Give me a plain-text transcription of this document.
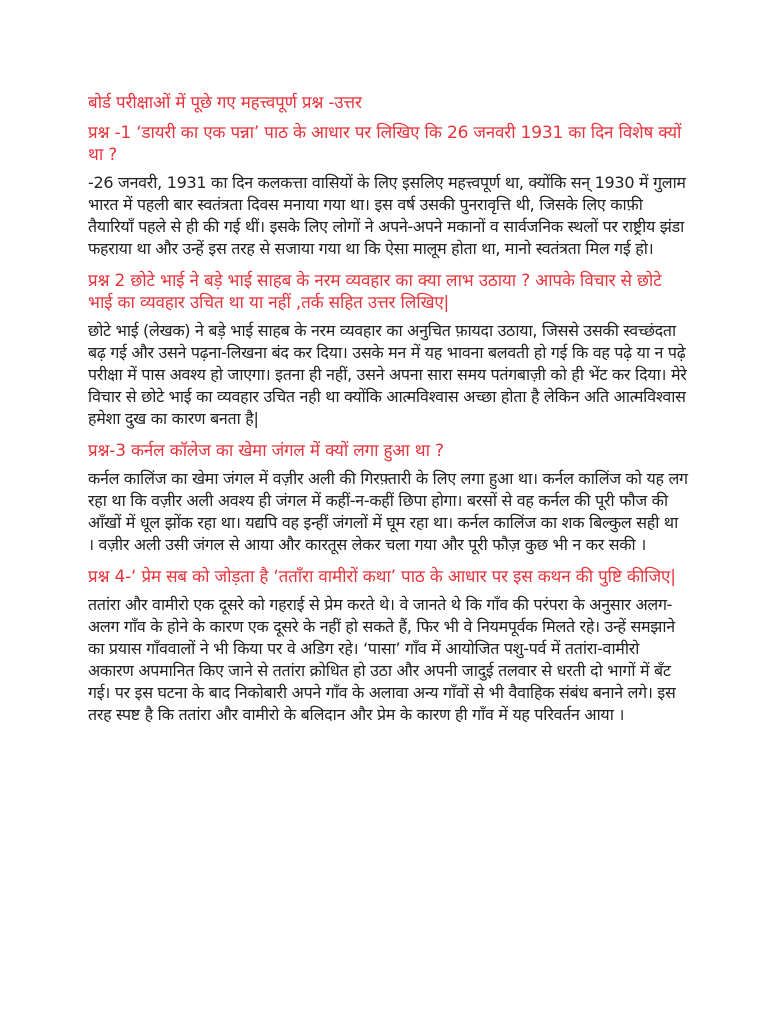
बोर्ड परीक्षाओं में पूछे गए महत्त्वपूर्ण प्रश्न -उत्तर

प्रश्न -1 ‘डायरी का एक पन्ना’ पाठ के आधार पर लिखिए कि 26 जनवरी 1931 का दिन विशेष क्यों था ?

-26 जनवरी, 1931 का दिन कलकत्ता वासियों के लिए इसलिए महत्त्वपूर्ण था, क्योंकि सन् 1930 में गुलाम भारत में पहली बार स्वतंत्रता दिवस मनाया गया था। इस वर्ष उसकी पुनरावृत्ति थी, जिसके लिए काफ़ी तैयारियाँ पहले से ही की गई थीं। इसके लिए लोगों ने अपने-अपने मकानों व सार्वजनिक स्थलों पर राष्ट्रीय झंडा फहराया था और उन्हें इस तरह से सजाया गया था कि ऐसा मालूम होता था, मानो स्वतंत्रता मिल गई हो।

प्रश्न 2 छोटे भाई ने बड़े भाई साहब के नरम व्यवहार का क्या लाभ उठाया ? आपके विचार से छोटे भाई का व्यवहार उचित था या नहीं ,तर्क सहित उत्तर लिखिए|

छोटे भाई (लेखक) ने बड़े भाई साहब के नरम व्यवहार का अनुचित फ़ायदा उठाया, जिससे उसकी स्वच्छंदता बढ़ गई और उसने पढ़ना-लिखना बंद कर दिया। उसके मन में यह भावना बलवती हो गई कि वह पढ़े या न पढ़े परीक्षा में पास अवश्य हो जाएगा। इतना ही नहीं, उसने अपना सारा समय पतंगबाज़ी को ही भेंट कर दिया। मेरे विचार से छोटे भाई का व्यवहार उचित नही था क्योंकि आत्मविश्वास अच्छा होता है लेकिन अति आत्मविश्वास हमेशा दुख का कारण बनता है|

प्रश्न-3 कर्नल कॉलेज का खेमा जंगल में क्यों लगा हुआ था ?

कर्नल कालिंज का खेमा जंगल में वज़ीर अली की गिरफ़्तारी के लिए लगा हुआ था। कर्नल कालिंज को यह लग रहा था कि वज़ीर अली अवश्य ही जंगल में कहीं-न-कहीं छिपा होगा। बरसों से वह कर्नल की पूरी फौज की आँखों में धूल झोंक रहा था। यद्यपि वह इन्हीं जंगलों में घूम रहा था। कर्नल कालिंज का शक बिल्कुल सही था । वज़ीर अली उसी जंगल से आया और कारतूस लेकर चला गया और पूरी फौज़ कुछ भी न कर सकी ।

प्रश्न 4-‘ प्रेम सब को जोड़ता है ‘तताँरा वामीरों कथा’ पाठ के आधार पर इस कथन की पुष्टि कीजिए|

ततांरा और वामीरो एक दूसरे को गहराई से प्रेम करते थे। वे जानते थे कि गाँव की परंपरा के अनुसार अलग-अलग गाँव के होने के कारण एक दूसरे के नहीं हो सकते हैं, फिर भी वे नियमपूर्वक मिलते रहे। उन्हें समझाने का प्रयास गाँववालों ने भी किया पर वे अडिग रहे। ‘पासा’ गाँव में आयोजित पशु-पर्व में ततांरा-वामीरो अकारण अपमानित किए जाने से ततांरा क्रोधित हो उठा और अपनी जादुई तलवार से धरती दो भागों में बँट गई। पर इस घटना के बाद निकोबारी अपने गाँव के अलावा अन्य गाँवों से भी वैवाहिक संबंध बनाने लगे। इस तरह स्पष्ट है कि ततांरा और वामीरो के बलिदान और प्रेम के कारण ही गाँव में यह परिवर्तन आया ।
